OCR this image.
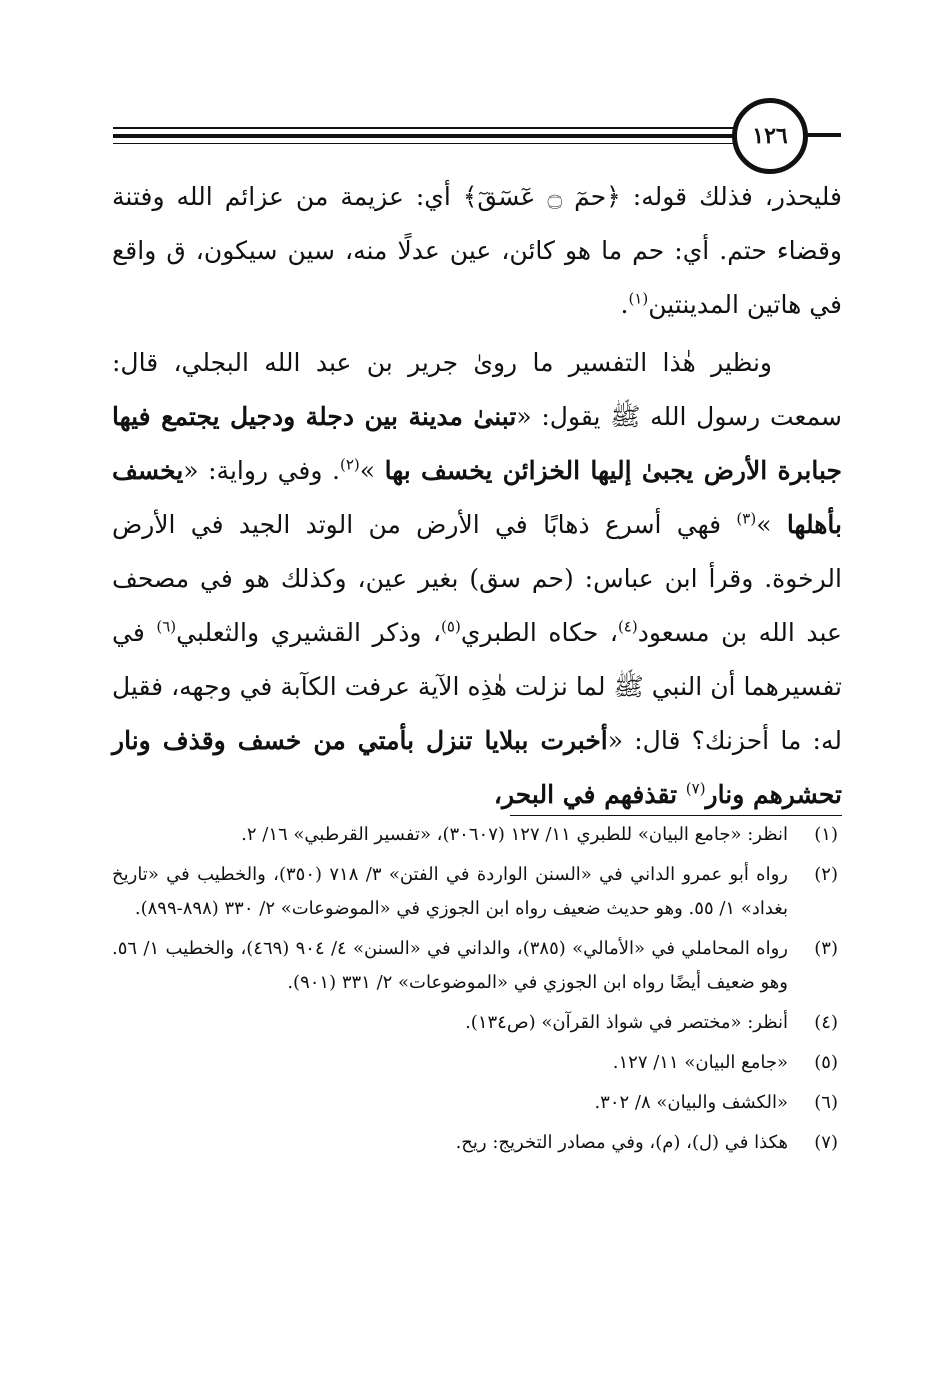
١٢٦

فليحذر، فذلك قوله: ﴿حمٓ ۝ عٓسٓقٓ﴾ أي: عزيمة من عزائم الله وفتنة وقضاء حتم. أي: حم ما هو كائن، عين عدلًا منه، سين سيكون، ق واقع في هاتين المدينتين$^{(١)}$.

ونظير هٰذا التفسير ما روىٰ جرير بن عبد الله البجلي، قال: سمعت رسول الله ﷺ يقول: «تبنىٰ مدينة بين دجلة ودجيل يجتمع فيها جبابرة الأرض يجبىٰ إليها الخزائن يخسف بها »$^{(٢)}$. وفي رواية: «يخسف بأهلها »$^{(٣)}$ فهي أسرع ذهابًا في الأرض من الوتد الجيد في الأرض الرخوة. وقرأ ابن عباس: (حم سق) بغير عين، وكذلك هو في مصحف عبد الله بن مسعود$^{(٤)}$، حكاه الطبري$^{(٥)}$، وذكر القشيري والثعلبي$^{(٦)}$ في تفسيرهما أن النبي ﷺ لما نزلت هٰذِه الآية عرفت الكآبة في وجهه، فقيل له: ما أحزنك؟ قال: «أخبرت ببلايا تنزل بأمتي من خسف وقذف ونار تحشرهم ونار$^{(٧)}$ تقذفهم في البحر،

(١)
انظر: «جامع البيان» للطبري ١١/ ١٢٧ (٣٠٦٠٧)، «تفسير القرطبي» ١٦/ ٢.
(٢)
رواه أبو عمرو الداني في «السنن الواردة في الفتن» ٣/ ٧١٨ (٣٥٠)، والخطيب في «تاريخ بغداد» ١/ ٥٥. وهو حديث ضعيف رواه ابن الجوزي في «الموضوعات» ٢/ ٣٣٠ (٨٩٨-٨٩٩).
(٣)
رواه المحاملي في «الأمالي» (٣٨٥)، والداني في «السنن» ٤/ ٩٠٤ (٤٦٩)، والخطيب ١/ ٥٦. وهو ضعيف أيضًا رواه ابن الجوزي في «الموضوعات» ٢/ ٣٣١ (٩٠١).
(٤)
أنظر: «مختصر في شواذ القرآن» (ص١٣٤).
(٥)
«جامع البيان» ١١/ ١٢٧.
(٦)
«الكشف والبيان» ٨/ ٣٠٢.
(٧)
هكذا في (ل)، (م)، وفي مصادر التخريج: ريح.
